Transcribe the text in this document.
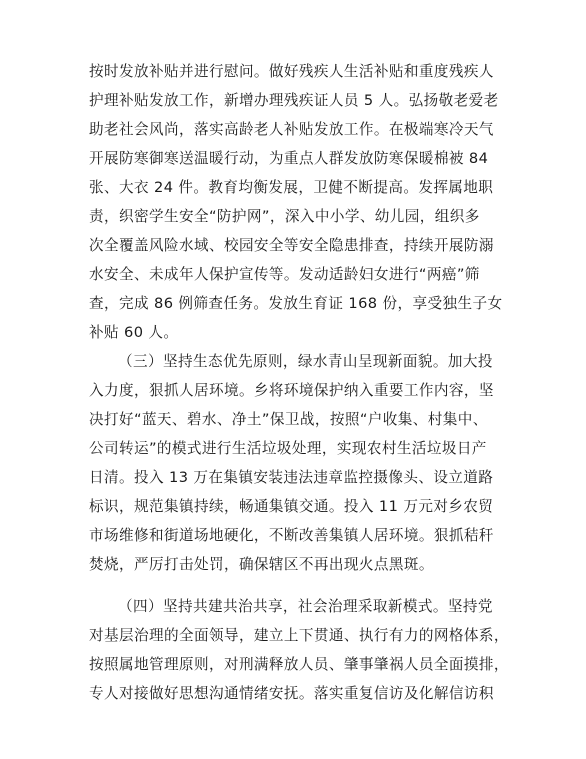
按时发放补贴并进行慰问。做好残疾人生活补贴和重度残疾人
护理补贴发放工作，新增办理残疾证人员 5 人。弘扬敬老爱老
助老社会风尚，落实高龄老人补贴发放工作。在极端寒冷天气
开展防寒御寒送温暖行动，为重点人群发放防寒保暖棉被 84
张、大衣 24 件。教育均衡发展，卫健不断提高。发挥属地职
责，织密学生安全“防护网”，深入中小学、幼儿园，组织多
次全覆盖风险水域、校园安全等安全隐患排查，持续开展防溺
水安全、未成年人保护宣传等。发动适龄妇女进行“两癌”筛
查，完成 86 例筛查任务。发放生育证 168 份，享受独生子女
补贴 60 人。
（三）坚持生态优先原则，绿水青山呈现新面貌。加大投
入力度，狠抓人居环境。乡将环境保护纳入重要工作内容，坚
决打好“蓝天、碧水、净土”保卫战，按照“户收集、村集中、
公司转运”的模式进行生活垃圾处理，实现农村生活垃圾日产
日清。投入 13 万在集镇安装违法违章监控摄像头、设立道路
标识，规范集镇持续，畅通集镇交通。投入 11 万元对乡农贸
市场维修和街道场地硬化，不断改善集镇人居环境。狠抓秸秆
焚烧，严厉打击处罚，确保辖区不再出现火点黑斑。
（四）坚持共建共治共享，社会治理采取新模式。坚持党
对基层治理的全面领导，建立上下贯通、执行有力的网格体系，
按照属地管理原则，对刑满释放人员、肇事肇祸人员全面摸排，
专人对接做好思想沟通情绪安抚。落实重复信访及化解信访积
